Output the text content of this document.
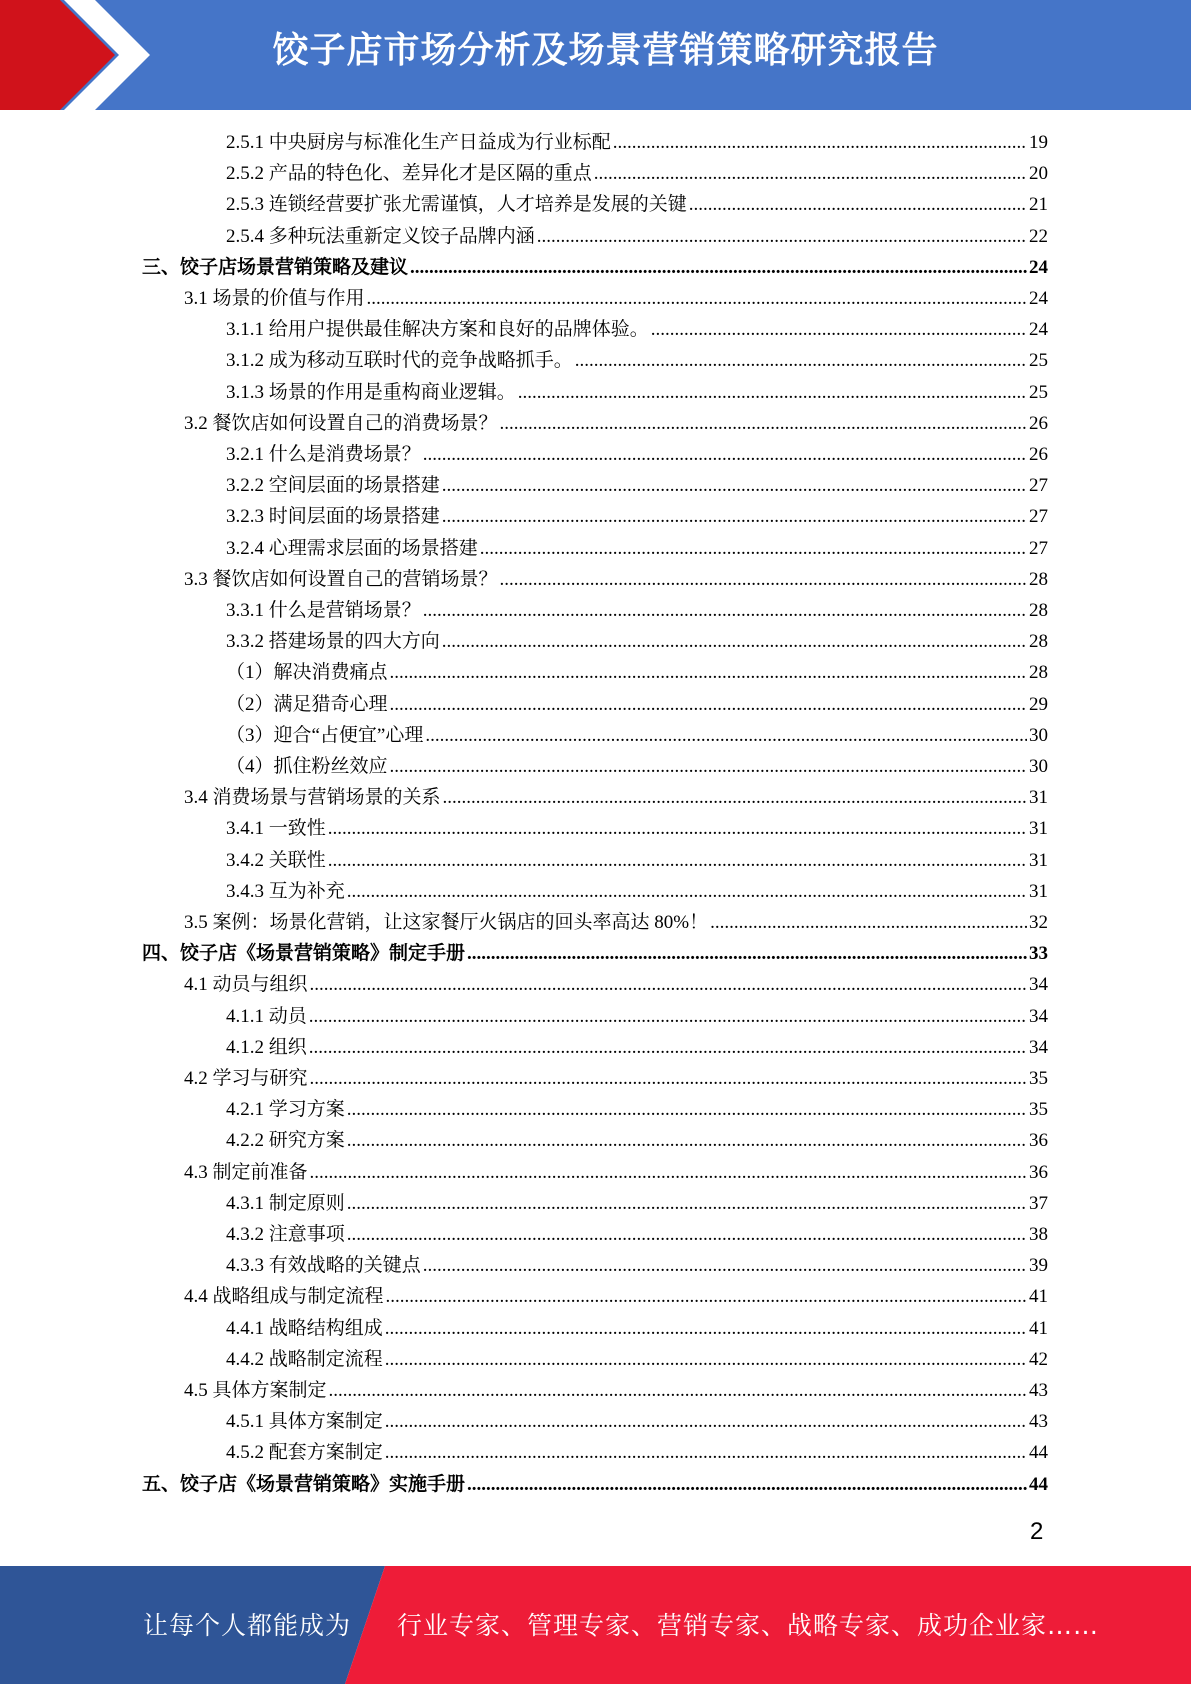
饺子店市场分析及场景营销策略研究报告
2.5.1 中央厨房与标准化生产日益成为行业标配 .....	19
2.5.2 产品的特色化、差异化才是区隔的重点 .....	20
2.5.3 连锁经营要扩张尤需谨慎，人才培养是发展的关键 .....	21
2.5.4 多种玩法重新定义饺子品牌内涵 .....	22
三、饺子店场景营销策略及建议 .....	24
3.1 场景的价值与作用 .....	24
3.1.1 给用户提供最佳解决方案和良好的品牌体验。 .....	24
3.1.2 成为移动互联时代的竞争战略抓手。 .....	25
3.1.3 场景的作用是重构商业逻辑。 .....	25
3.2 餐饮店如何设置自己的消费场景？ .....	26
3.2.1 什么是消费场景？ .....	26
3.2.2 空间层面的场景搭建 .....	27
3.2.3 时间层面的场景搭建 .....	27
3.2.4 心理需求层面的场景搭建 .....	27
3.3 餐饮店如何设置自己的营销场景？ .....	28
3.3.1 什么是营销场景？ .....	28
3.3.2 搭建场景的四大方向 .....	28
（1）解决消费痛点 .....	28
（2）满足猎奇心理 .....	29
（3）迎合“占便宜”心理 .....	30
（4）抓住粉丝效应 .....	30
3.4 消费场景与营销场景的关系 .....	31
3.4.1 一致性 .....	31
3.4.2 关联性 .....	31
3.4.3 互为补充 .....	31
3.5 案例：场景化营销，让这家餐厅火锅店的回头率高达 80%！ .....	32
四、饺子店《场景营销策略》制定手册 .....	33
4.1 动员与组织 .....	34
4.1.1 动员 .....	34
4.1.2 组织 .....	34
4.2 学习与研究 .....	35
4.2.1 学习方案 .....	35
4.2.2 研究方案 .....	36
4.3 制定前准备 .....	36
4.3.1 制定原则 .....	37
4.3.2 注意事项 .....	38
4.3.3 有效战略的关键点 .....	39
4.4 战略组成与制定流程 .....	41
4.4.1 战略结构组成 .....	41
4.4.2 战略制定流程 .....	42
4.5 具体方案制定 .....	43
4.5.1 具体方案制定 .....	43
4.5.2 配套方案制定 .....	44
五、饺子店《场景营销策略》实施手册 .....	44
2
让每个人都能成为 行业专家、管理专家、营销专家、战略专家、成功企业家……
